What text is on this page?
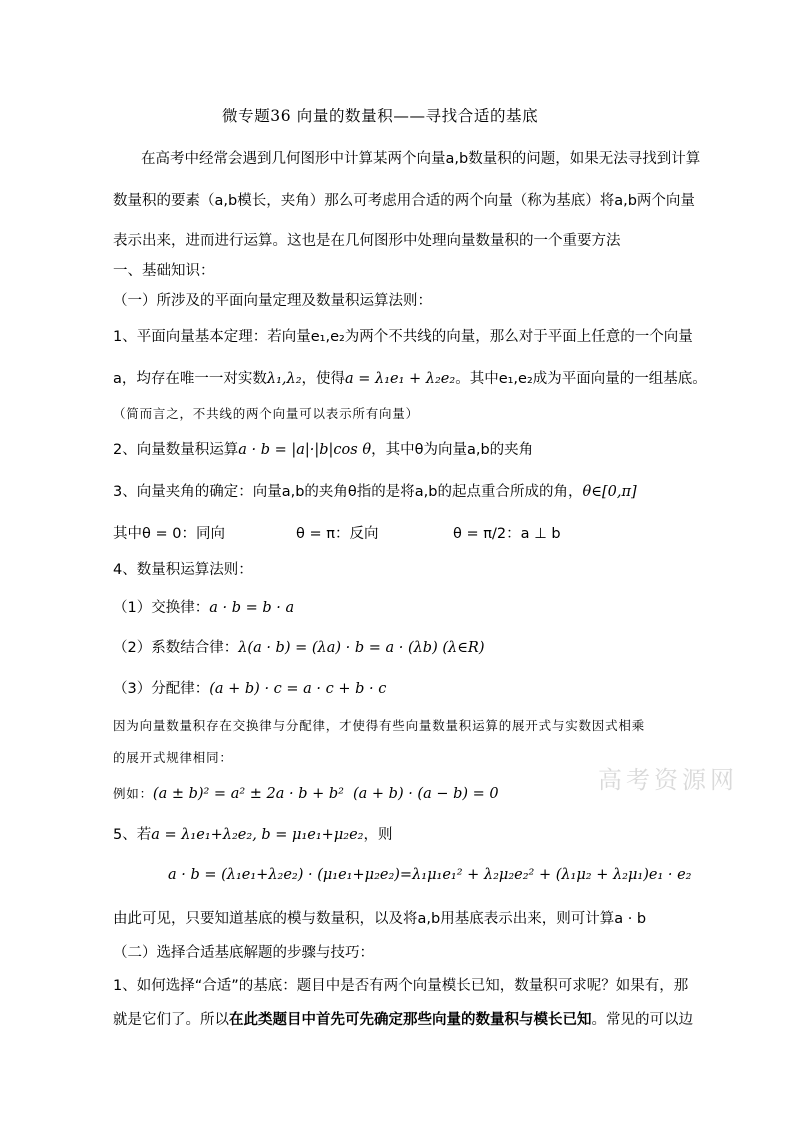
微专题36 向量的数量积——寻找合适的基底
在高考中经常会遇到几何图形中计算某两个向量a,b数量积的问题，如果无法寻找到计算
数量积的要素（a,b模长，夹角）那么可考虑用合适的两个向量（称为基底）将a,b两个向量
表示出来，进而进行运算。这也是在几何图形中处理向量数量积的一个重要方法
一、基础知识：
（一）所涉及的平面向量定理及数量积运算法则：
1、平面向量基本定理：若向量e₁,e₂为两个不共线的向量，那么对于平面上任意的一个向量
a，均存在唯一一对实数λ₁,λ₂，使得a = λ₁e₁ + λ₂e₂。其中e₁,e₂成为平面向量的一组基底。
（简而言之，不共线的两个向量可以表示所有向量）
2、向量数量积运算a · b = |a|·|b|cos θ，其中θ为向量a,b的夹角
3、向量夹角的确定：向量a,b的夹角θ指的是将a,b的起点重合所成的角，θ∈[0,π]
其中θ = 0：同向	θ = π：反向	θ = π/2：a ⊥ b
4、数量积运算法则：
（1）交换律：a · b = b · a
（2）系数结合律：λ(a · b) = (λa) · b = a · (λb) (λ∈R)
（3）分配律：(a + b) · c = a · c + b · c
因为向量数量积存在交换律与分配律，才使得有些向量数量积运算的展开式与实数因式相乘
的展开式规律相同：
例如：(a ± b)² = a² ± 2a · b + b² (a + b) · (a − b) = 0
5、若a = λ₁e₁+λ₂e₂, b = μ₁e₁+μ₂e₂，则
a · b = (λ₁e₁+λ₂e₂) · (μ₁e₁+μ₂e₂)=λ₁μ₁e₁² + λ₂μ₂e₂² + (λ₁μ₂ + λ₂μ₁)e₁ · e₂
由此可见，只要知道基底的模与数量积，以及将a,b用基底表示出来，则可计算a · b
（二）选择合适基底解题的步骤与技巧：
1、如何选择“合适”的基底：题目中是否有两个向量模长已知，数量积可求呢？如果有，那
就是它们了。所以在此类题目中首先可先确定那些向量的数量积与模长已知。常见的可以边
高考资源网
